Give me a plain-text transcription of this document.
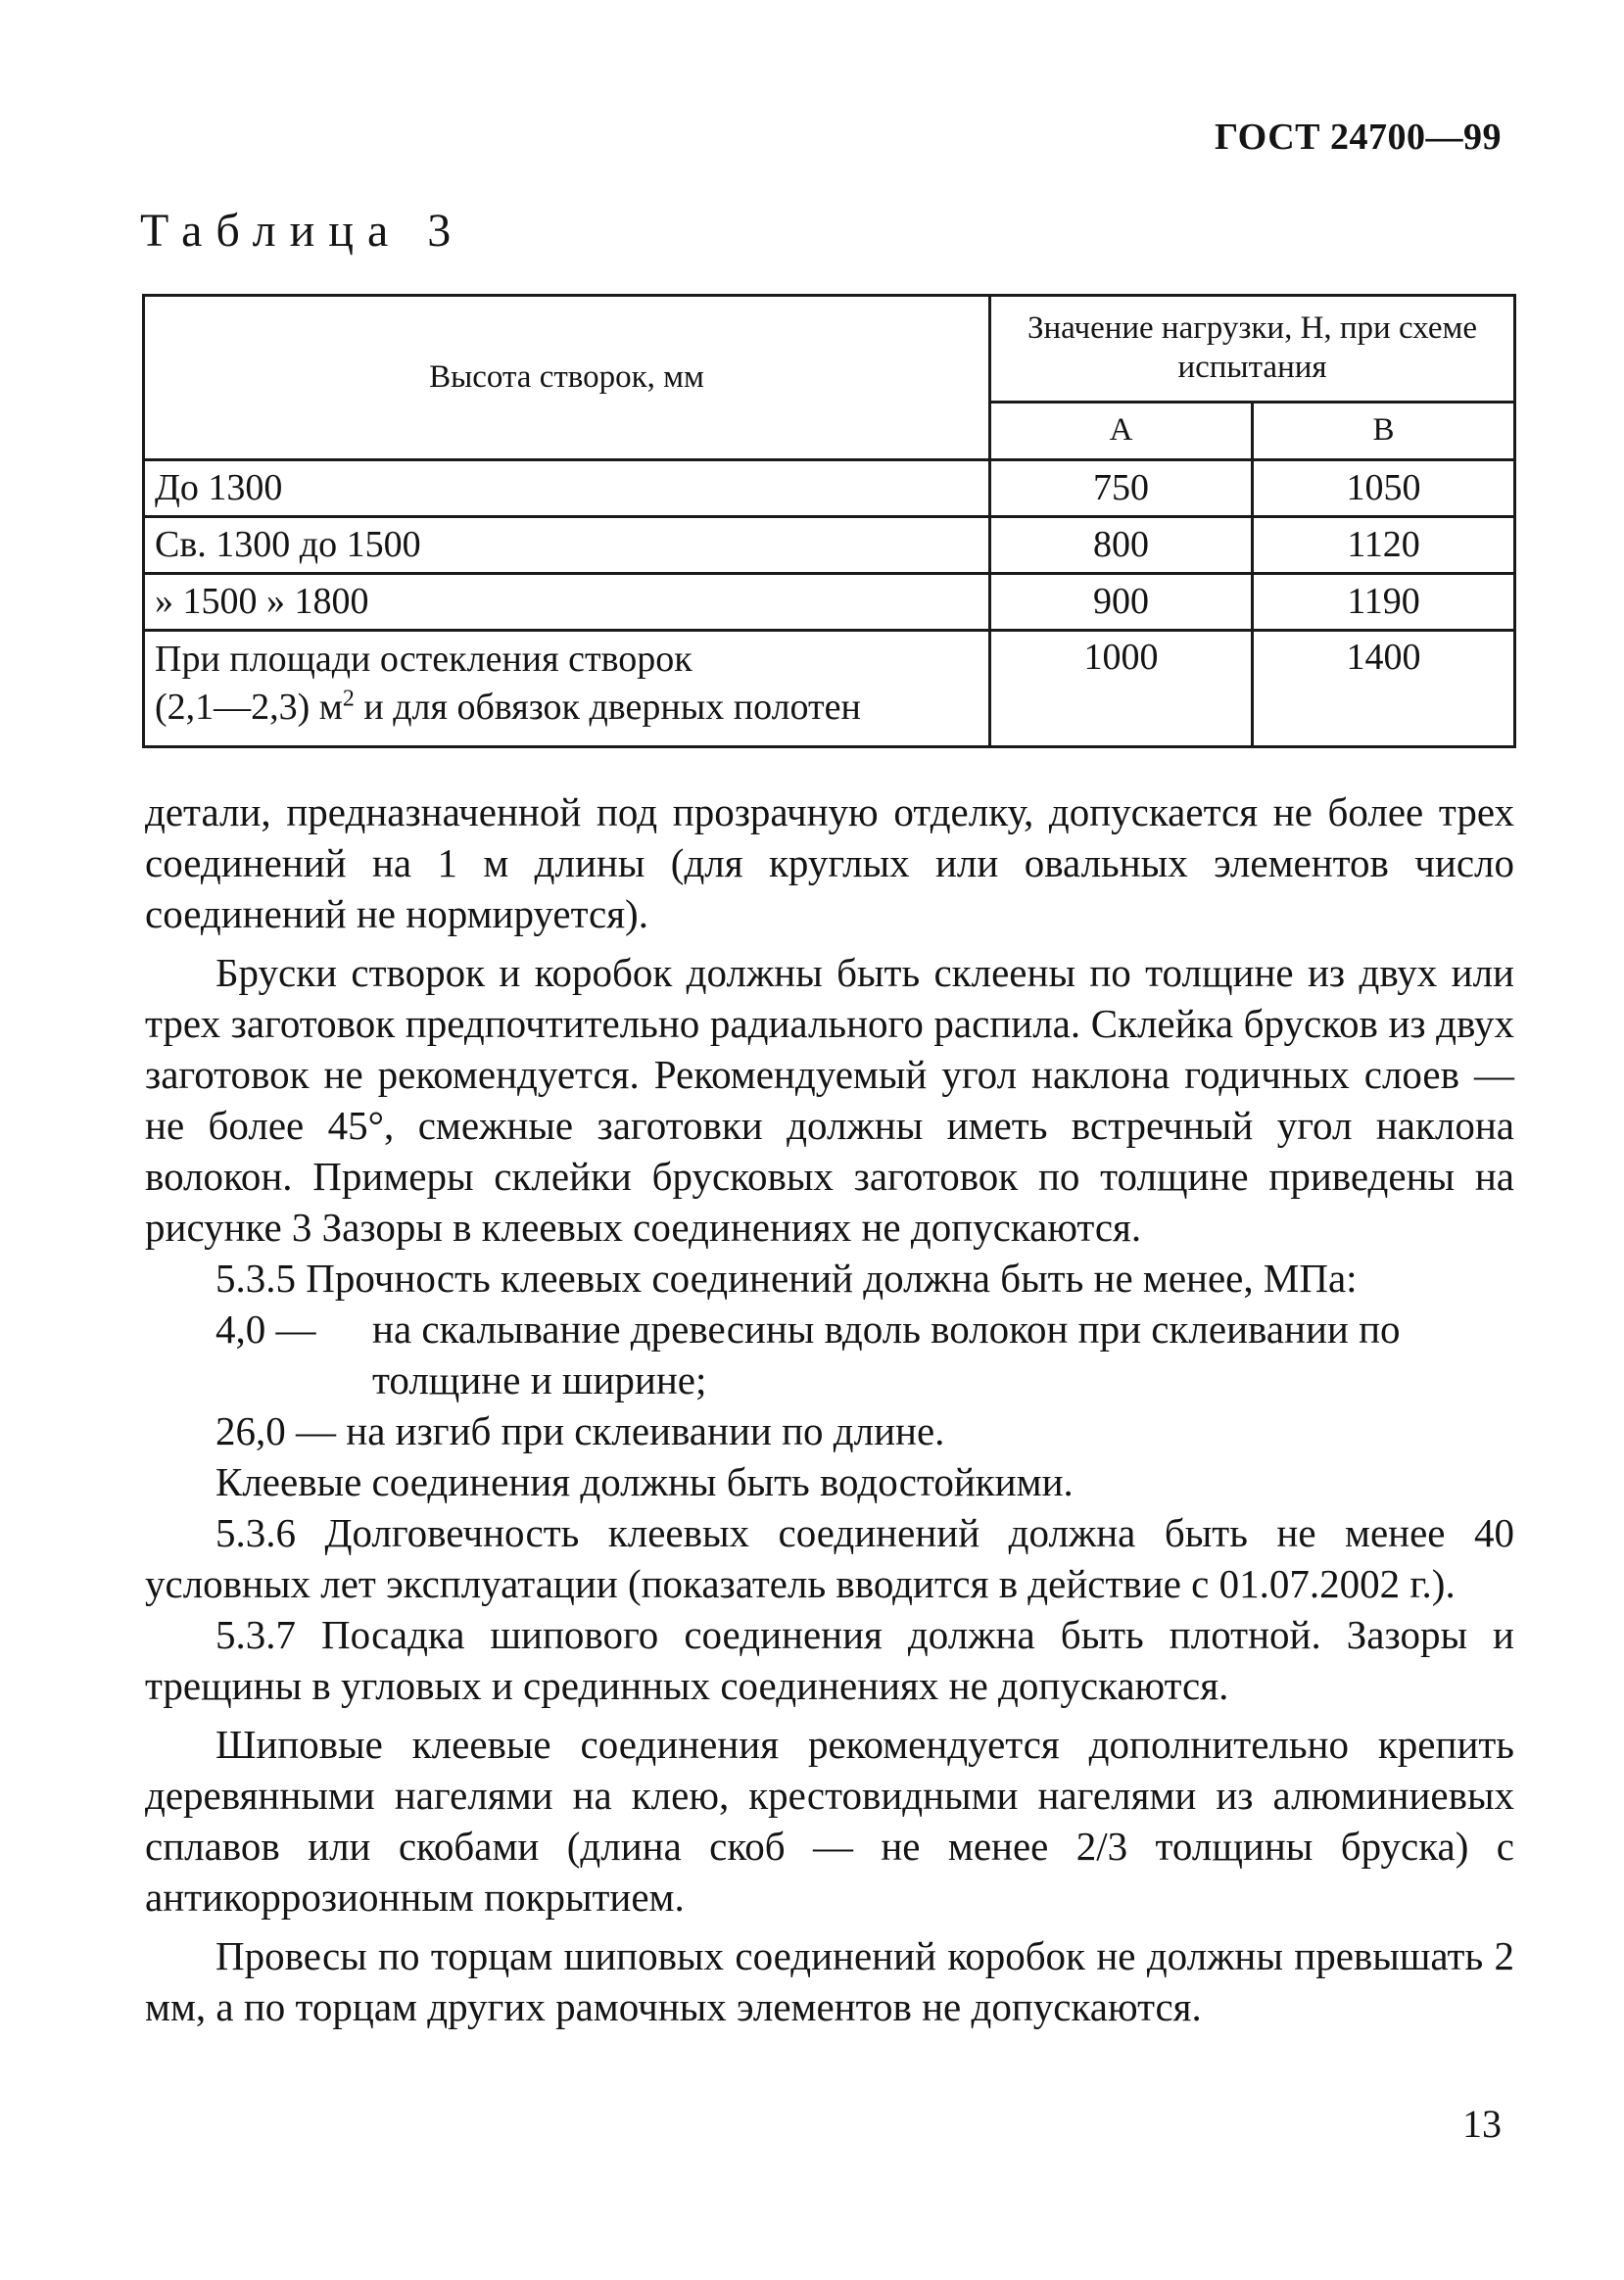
ГОСТ 24700—99
Таблица 3
Высота створок, мм	Значение нагрузки, Н, при схеме испытания	
	А	В
До 1300	750	1050
Св. 1300 до 1500	800	1120
» 1500 » 1800	900	1190

При площади остекления створок
(2,1—2,3) $м^2$ и для обвязок дверных полотен	1000	1400

детали, предназначенной под прозрачную отделку, допускается не более трех соединений на 1 м длины (для круглых или овальных элементов число соединений не нормируется).

Бруски створок и коробок должны быть склеены по толщине из двух или трех заготовок предпочтительно радиального распила. Склейка брусков из двух заготовок не рекомендуется. Рекомендуемый угол наклона годичных слоев — не более 45°, смежные заготовки должны иметь встречный угол наклона волокон. Примеры склейки брусковых заготовок по толщине приведены на рисунке 3 Зазоры в клеевых соединениях не допускаются.

5.3.5 Прочность клеевых соединений должна быть не менее, МПа:

4,0 —	на скалывание древесины вдоль волокон при склеивании по толщине и ширине;
26,0 — на изгиб при склеивании по длине.

Клеевые соединения должны быть водостойкими.

5.3.6 Долговечность клеевых соединений должна быть не менее 40 условных лет эксплуатации (показатель вводится в действие с 01.07.2002 г.).

5.3.7 Посадка шипового соединения должна быть плотной. Зазоры и трещины в угловых и срединных соединениях не допускаются.

Шиповые клеевые соединения рекомендуется дополнительно крепить деревянными нагелями на клею, крестовидными нагелями из алюминиевых сплавов или скобами (длина скоб — не менее 2/3 толщины бруска) с антикоррозионным покрытием.

Провесы по торцам шиповых соединений коробок не должны превышать 2 мм, а по торцам других рамочных элементов не допускаются.

13
